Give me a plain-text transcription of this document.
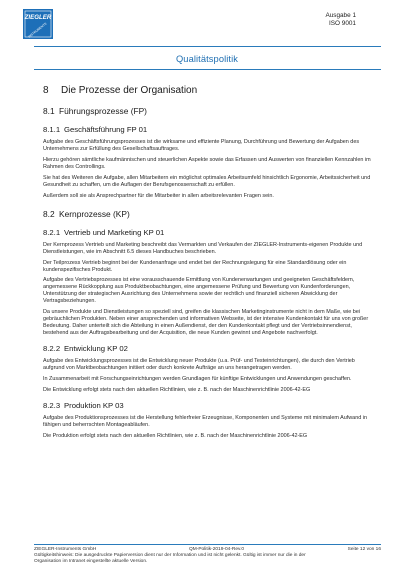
ZIEGLER
INSTRUMENTS
Ausgabe 1
ISO 9001
Qualitätspolitik
8	Die Prozesse der Organisation
8.1 Führungsprozesse (FP)
8.1.1 Geschäftsführung FP 01

Aufgabe des Geschäftsführungsprozesses ist die wirksame und effiziente Planung, Durchführung und Bewertung der Aufgaben des Unternehmens zur Erfüllung des Gesellschaftsauftrages.

Hierzu gehören sämtliche kaufmännischen und steuerlichen Aspekte sowie das Erfassen und Auswerten von finanziellen Kennzahlen im Rahmen des Controllings.

Sie hat des Weiteren die Aufgabe, allen Mitarbeitern ein möglichst optimales Arbeitsumfeld hinsichtlich Ergonomie, Arbeitssicherheit und Gesundheit zu schaffen, um die Auflagen der Berufsgenossenschaft zu erfüllen.

Außerdem soll sie als Ansprechpartner für die Mitarbeiter in allen arbeitsrelevanten Fragen sein.

8.2 Kernprozesse (KP)
8.2.1 Vertrieb und Marketing KP 01

Der Kernprozess Vertrieb und Marketing beschreibt das Vermarkten und Verkaufen der ZIEGLER-Instruments-eigenen Produkte und Dienstleistungen, wie im Abschnitt 6.5 dieses Handbuches beschrieben.

Der Teilprozess Vertrieb beginnt bei der Kundenanfrage und endet bei der Rechnungslegung für eine Standardlösung oder ein kundenspezifisches Produkt.

Aufgabe des Vertriebsprozesses ist eine vorausschauende Ermittlung von Kundenerwartungen und geeigneten Geschäftsfeldern, angemessene Rückkopplung aus Produktbeobachtungen, eine angemessene Prüfung und Bewertung von Kundenforderungen, Unterstützung der strategischen Ausrichtung des Unternehmens sowie der rechtlich und finanziell sicheren Abwicklung der Vertragsbeziehungen.

Da unsere Produkte und Dienstleistungen so speziell sind, greifen die klassischen Marketinginstrumente nicht in dem Maße, wie bei gebräuchlichen Produkten. Neben einer ansprechenden und informativen Webseite, ist der intensive Kundenkontakt für uns von großer Bedeutung. Daher unterteilt sich die Abteilung in einen Außendienst, der den Kundenkontakt pflegt und der Vertriebsinnendienst, bestehend aus der Auftragsbearbeitung und der Acquisition, die neue Kunden gewinnt und Angebote nachverfolgt.

8.2.2 Entwicklung KP 02

Aufgabe des Entwicklungsprozesses ist die Entwicklung neuer Produkte (u.a. Prüf- und Testeinrichtungen), die durch den Vertrieb aufgrund von Marktbeobachtungen initiiert oder durch konkrete Aufträge an uns herangetragen werden.

In Zusammenarbeit mit Forschungseinrichtungen werden Grundlagen für künftige Entwicklungen und Anwendungen geschaffen.

Die Entwicklung erfolgt stets nach den aktuellen Richtlinien, wie z. B. nach der Maschinenrichtlinie 2006-42-EG

8.2.3 Produktion KP 03

Aufgabe des Produktionsprozesses ist die Herstellung fehlerfreier Erzeugnisse, Komponenten und Systeme mit minimalem Aufwand in fähigen und beherrschten Montageabläufen.

Die Produktion erfolgt stets nach den aktuellen Richtlinien, wie z. B. nach der Maschinenrichtlinie 2006-42-EG

ZIEGLER-Instruments GmbH	Seite 12 von 16
QM-Politik-2019-04-Rev.0
Gültigkeitshinweis: Die ausgedruckte Papierversion dient nur der Information und ist nicht gelenkt. Gültig ist immer nur die in der
Organisation im Intranet eingestellte aktuelle Version.
